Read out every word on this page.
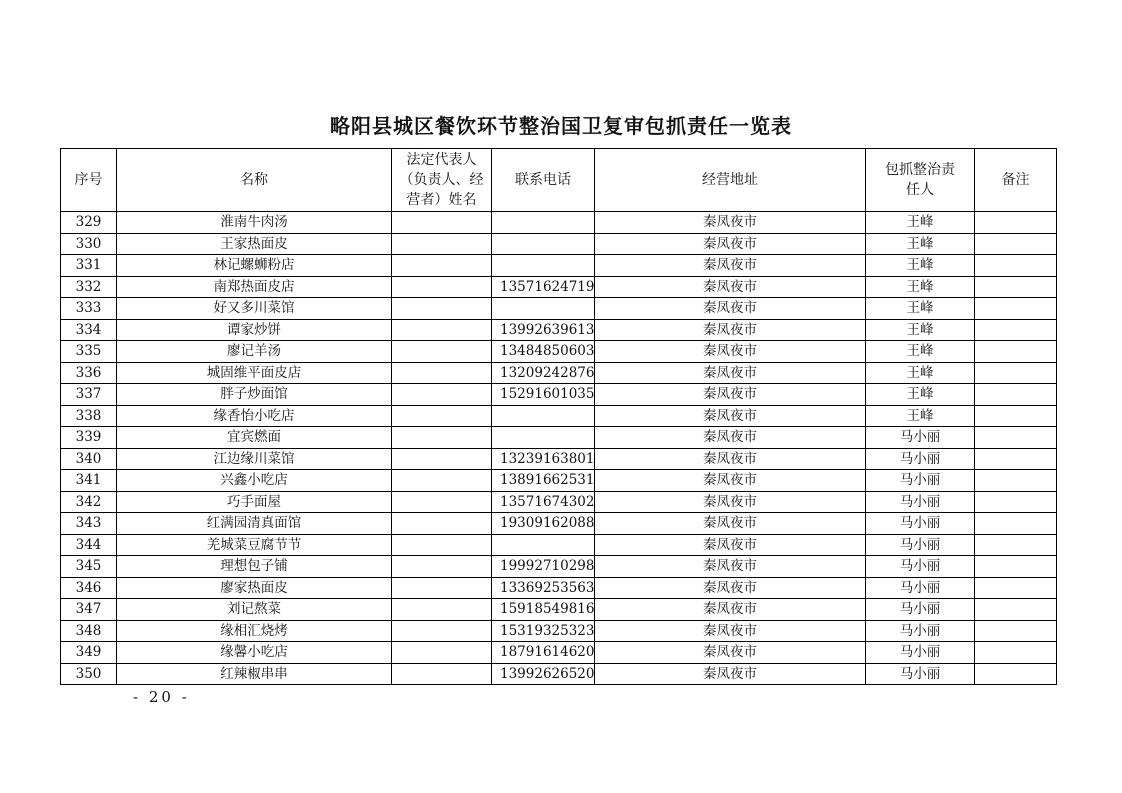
略阳县城区餐饮环节整治国卫复审包抓责任一览表
序号	名称	法定代表人
（负责人、经
营者）姓名	联系电话	经营地址	包抓整治责
任人	备注
329	淮南牛肉汤			秦凤夜市	王峰	
330	王家热面皮			秦凤夜市	王峰	
331	林记螺蛳粉店			秦凤夜市	王峰	
332	南郑热面皮店		13571624719	秦凤夜市	王峰	
333	好又多川菜馆			秦凤夜市	王峰	
334	谭家炒饼		13992639613	秦凤夜市	王峰	
335	廖记羊汤		13484850603	秦凤夜市	王峰	
336	城固维平面皮店		13209242876	秦凤夜市	王峰	
337	胖子炒面馆		15291601035	秦凤夜市	王峰	
338	缘香怡小吃店			秦凤夜市	王峰	
339	宜宾燃面			秦凤夜市	马小丽	
340	江边缘川菜馆		13239163801	秦凤夜市	马小丽	
341	兴鑫小吃店		13891662531	秦凤夜市	马小丽	
342	巧手面屋		13571674302	秦凤夜市	马小丽	
343	红满园清真面馆		19309162088	秦凤夜市	马小丽	
344	羌城菜豆腐节节			秦凤夜市	马小丽	
345	理想包子铺		19992710298	秦凤夜市	马小丽	
346	廖家热面皮		13369253563	秦凤夜市	马小丽	
347	刘记熬菜		15918549816	秦凤夜市	马小丽	
348	缘相汇烧烤		15319325323	秦凤夜市	马小丽	
349	缘馨小吃店		18791614620	秦凤夜市	马小丽	
350	红辣椒串串		13992626520	秦凤夜市	马小丽	
- 20 -
